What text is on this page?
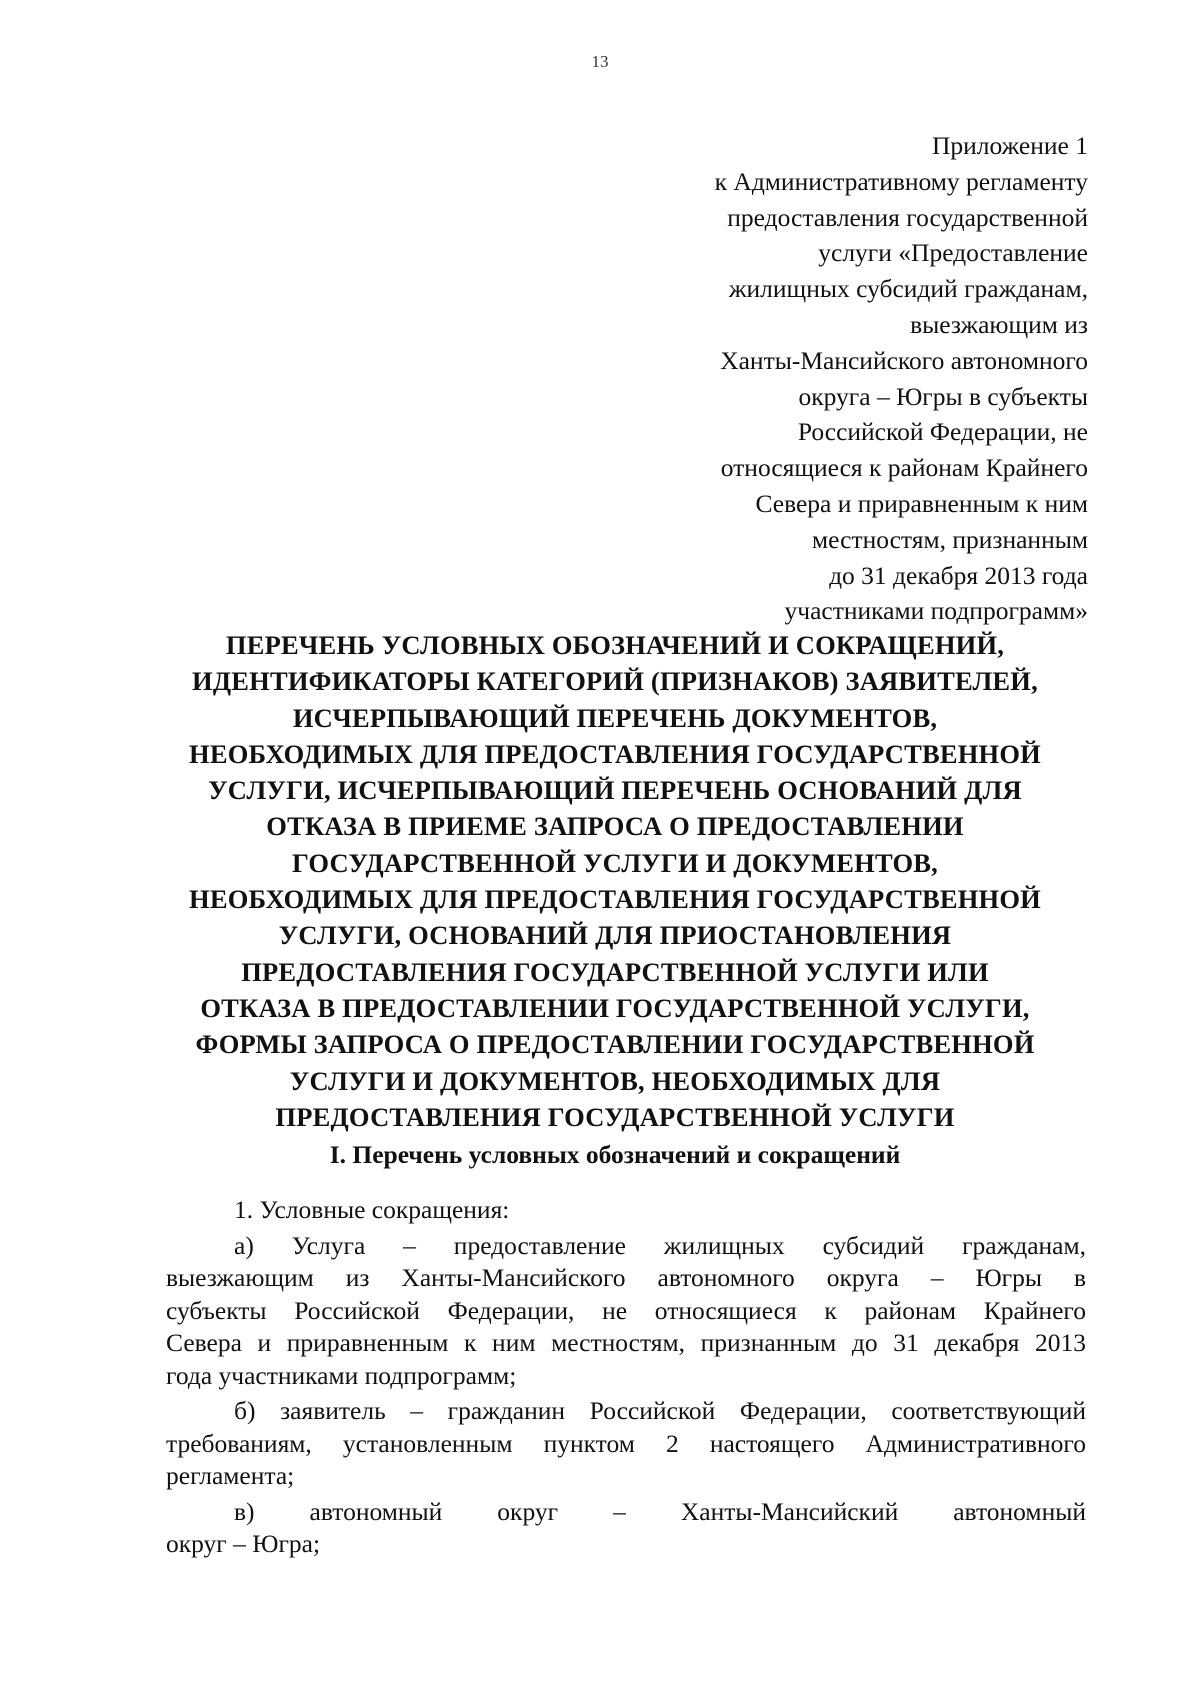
13
Приложение 1
к Административному регламенту
предоставления государственной
услуги «Предоставление
жилищных субсидий гражданам,
выезжающим из
Ханты-Мансийского автономного
округа – Югры в субъекты
Российской Федерации, не
относящиеся к районам Крайнего
Севера и приравненным к ним
местностям, признанным
до 31 декабря 2013 года
участниками подпрограмм»
ПЕРЕЧЕНЬ УСЛОВНЫХ ОБОЗНАЧЕНИЙ И СОКРАЩЕНИЙ,
ИДЕНТИФИКАТОРЫ КАТЕГОРИЙ (ПРИЗНАКОВ) ЗАЯВИТЕЛЕЙ,
ИСЧЕРПЫВАЮЩИЙ ПЕРЕЧЕНЬ ДОКУМЕНТОВ,
НЕОБХОДИМЫХ ДЛЯ ПРЕДОСТАВЛЕНИЯ ГОСУДАРСТВЕННОЙ
УСЛУГИ, ИСЧЕРПЫВАЮЩИЙ ПЕРЕЧЕНЬ ОСНОВАНИЙ ДЛЯ
ОТКАЗА В ПРИЕМЕ ЗАПРОСА О ПРЕДОСТАВЛЕНИИ
ГОСУДАРСТВЕННОЙ УСЛУГИ И ДОКУМЕНТОВ,
НЕОБХОДИМЫХ ДЛЯ ПРЕДОСТАВЛЕНИЯ ГОСУДАРСТВЕННОЙ
УСЛУГИ, ОСНОВАНИЙ ДЛЯ ПРИОСТАНОВЛЕНИЯ
ПРЕДОСТАВЛЕНИЯ ГОСУДАРСТВЕННОЙ УСЛУГИ ИЛИ
ОТКАЗА В ПРЕДОСТАВЛЕНИИ ГОСУДАРСТВЕННОЙ УСЛУГИ,
ФОРМЫ ЗАПРОСА О ПРЕДОСТАВЛЕНИИ ГОСУДАРСТВЕННОЙ
УСЛУГИ И ДОКУМЕНТОВ, НЕОБХОДИМЫХ ДЛЯ
ПРЕДОСТАВЛЕНИЯ ГОСУДАРСТВЕННОЙ УСЛУГИ
I. Перечень условных обозначений и сокращений
1. Условные сокращения:
а) Услуга – предоставление жилищных субсидий гражданам,
выезжающим из Ханты-Мансийского автономного округа – Югры в
субъекты Российской Федерации, не относящиеся к районам Крайнего
Севера и приравненным к ним местностям, признанным до 31 декабря 2013
года участниками подпрограмм;
б) заявитель – гражданин Российской Федерации, соответствующий
требованиям, установленным пунктом 2 настоящего Административного
регламента;
в) автономный округ – Ханты-Мансийский автономный
округ – Югра;
